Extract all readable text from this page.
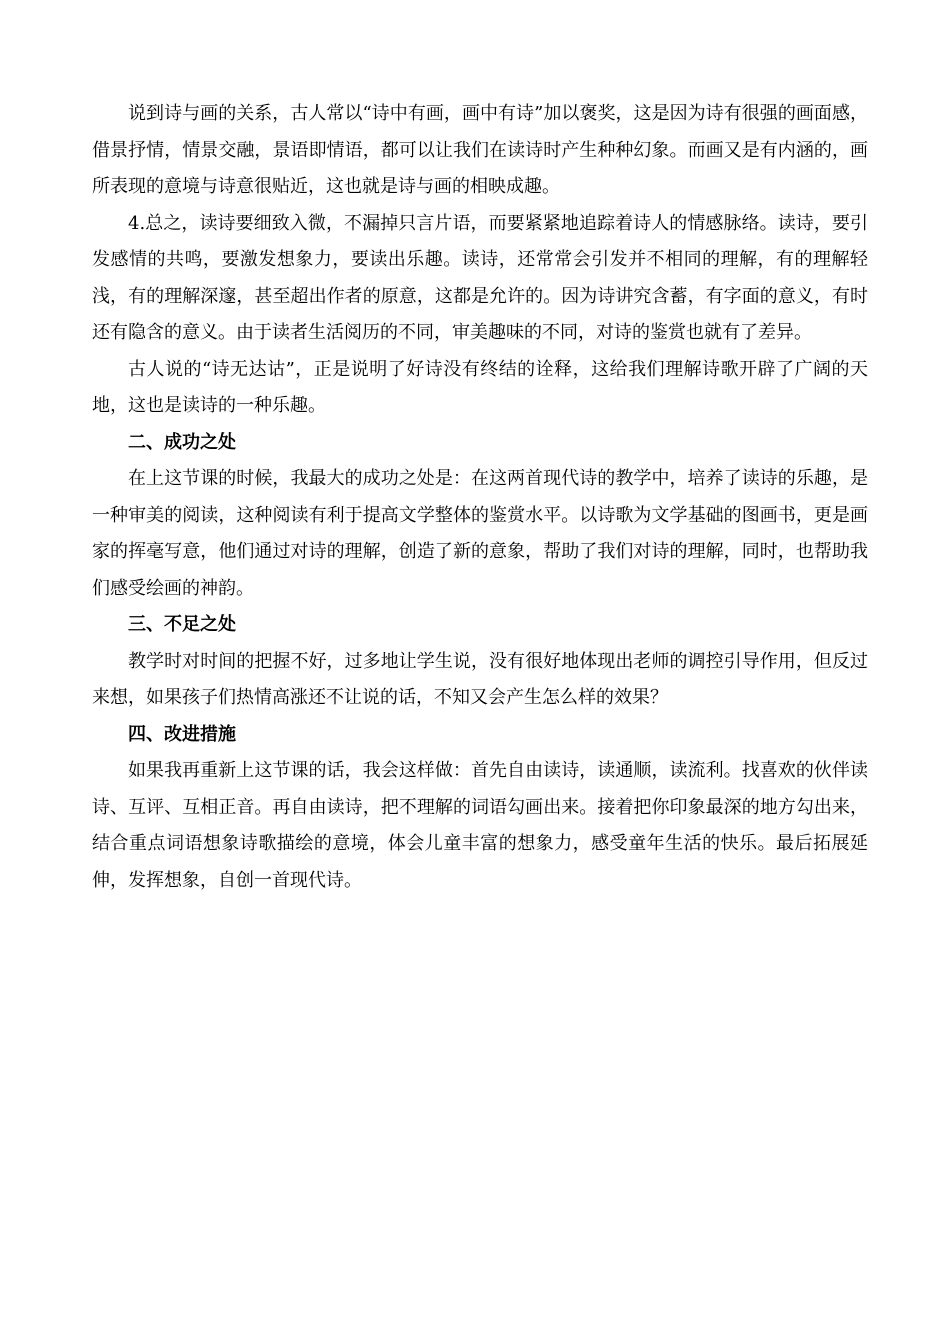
说到诗与画的关系，古人常以“诗中有画，画中有诗”加以褒奖，这是因为诗有很强的画面感，借景抒情，情景交融，景语即情语，都可以让我们在读诗时产生种种幻象。而画又是有内涵的，画所表现的意境与诗意很贴近，这也就是诗与画的相映成趣。

4.总之，读诗要细致入微，不漏掉只言片语，而要紧紧地追踪着诗人的情感脉络。读诗，要引发感情的共鸣，要激发想象力，要读出乐趣。读诗，还常常会引发并不相同的理解，有的理解轻浅，有的理解深邃，甚至超出作者的原意，这都是允许的。因为诗讲究含蓄，有字面的意义，有时还有隐含的意义。由于读者生活阅历的不同，审美趣味的不同，对诗的鉴赏也就有了差异。

古人说的“诗无达诂”，正是说明了好诗没有终结的诠释，这给我们理解诗歌开辟了广阔的天地，这也是读诗的一种乐趣。

二、成功之处

在上这节课的时候，我最大的成功之处是：在这两首现代诗的教学中，培养了读诗的乐趣，是一种审美的阅读，这种阅读有利于提高文学整体的鉴赏水平。以诗歌为文学基础的图画书，更是画家的挥毫写意，他们通过对诗的理解，创造了新的意象，帮助了我们对诗的理解，同时，也帮助我们感受绘画的神韵。

三、不足之处

教学时对时间的把握不好，过多地让学生说，没有很好地体现出老师的调控引导作用，但反过来想，如果孩子们热情高涨还不让说的话，不知又会产生怎么样的效果？

四、改进措施

如果我再重新上这节课的话，我会这样做：首先自由读诗，读通顺，读流利。找喜欢的伙伴读诗、互评、互相正音。再自由读诗，把不理解的词语勾画出来。接着把你印象最深的地方勾出来，结合重点词语想象诗歌描绘的意境，体会儿童丰富的想象力，感受童年生活的快乐。最后拓展延伸，发挥想象，自创一首现代诗。
